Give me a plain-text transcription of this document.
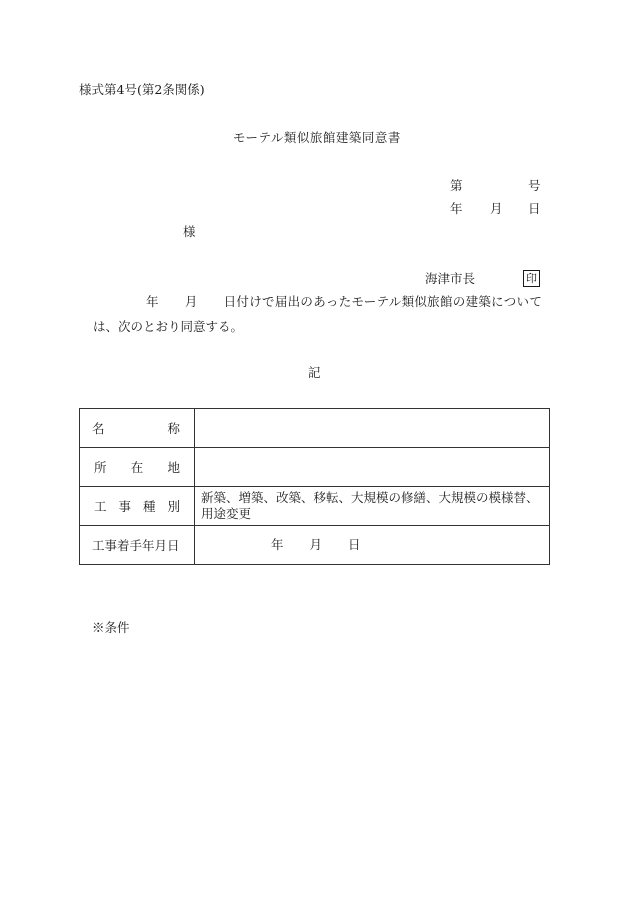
様式第4号(第2条関係)
モーテル類似旅館建築同意書
第	号
年 月 日
様
海津市長	印
年 月 日付けで届出のあったモーテル類似旅館の建築について
は、次のとおり同意する。
記
名 称	

所 在 地	

工 事 種 別	新築、増築、改築、移転、大規模の修繕、大規模の模様替、用途変更

工事着手年月日	年 月 日
※条件
